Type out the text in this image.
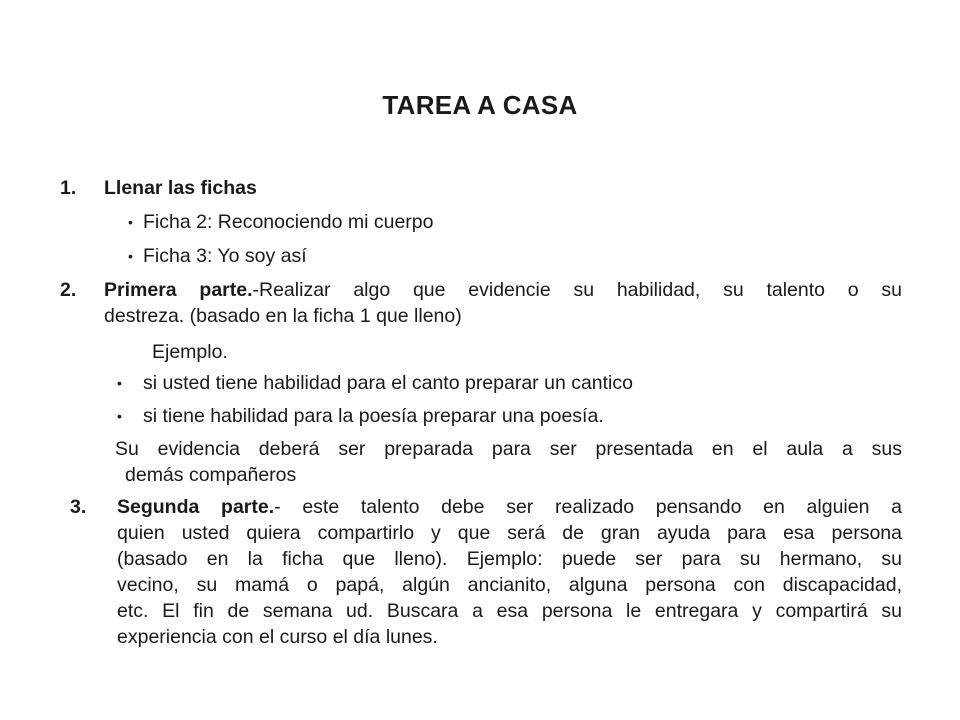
TAREA A CASA
1. Llenar las fichas
• Ficha 2: Reconociendo mi cuerpo
• Ficha 3: Yo soy así
2. Primera parte.-Realizar algo que evidencie su habilidad, su talento o su
destreza. (basado en la ficha 1 que lleno)
Ejemplo.
• si usted tiene habilidad para el canto preparar un cantico
• si tiene habilidad para la poesía preparar una poesía.
Su evidencia deberá ser preparada para ser presentada en el aula a sus
demás compañeros
3. Segunda parte.- este talento debe ser realizado pensando en alguien a
quien usted quiera compartirlo y que será de gran ayuda para esa persona
(basado en la ficha que lleno). Ejemplo: puede ser para su hermano, su
vecino, su mamá o papá, algún ancianito, alguna persona con discapacidad,
etc. El fin de semana ud. Buscara a esa persona le entregara y compartirá su
experiencia con el curso el día lunes.
